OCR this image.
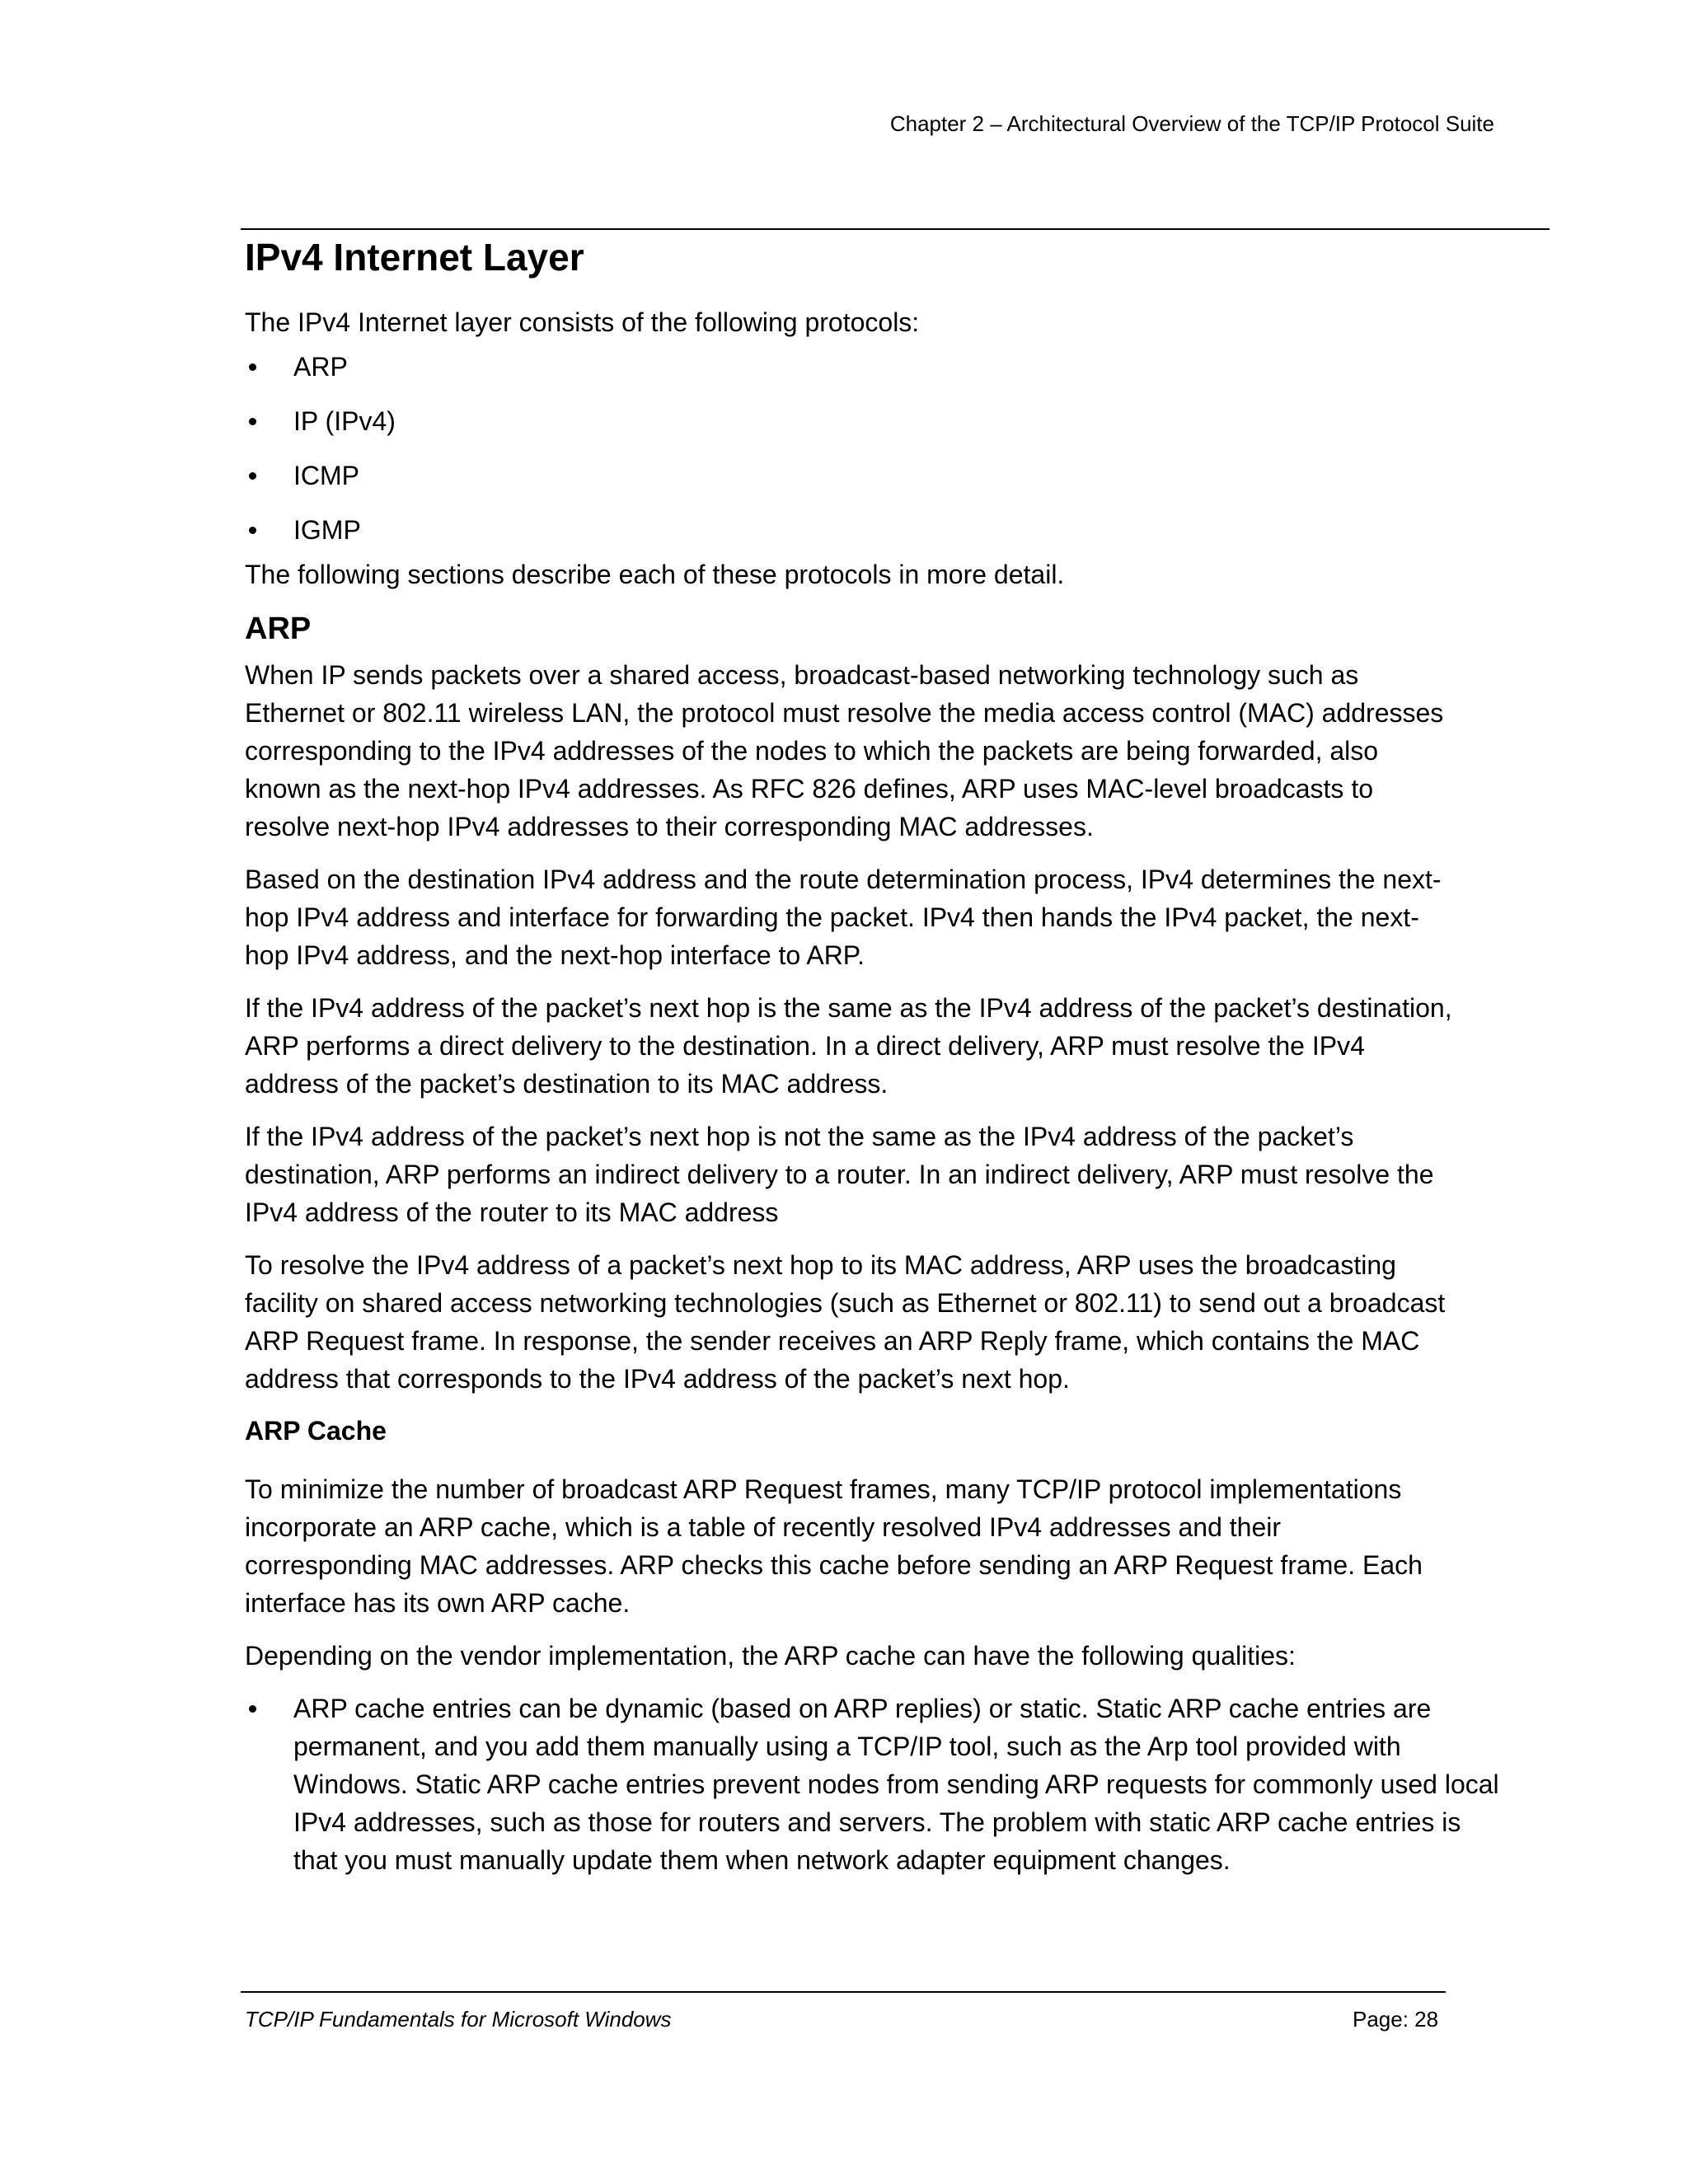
Chapter 2 – Architectural Overview of the TCP/IP Protocol Suite
IPv4 Internet Layer

The IPv4 Internet layer consists of the following protocols:

ARP
IP (IPv4)
ICMP
IGMP

The following sections describe each of these protocols in more detail.

ARP

When IP sends packets over a shared access, broadcast-based networking technology such as
Ethernet or 802.11 wireless LAN, the protocol must resolve the media access control (MAC) addresses
corresponding to the IPv4 addresses of the nodes to which the packets are being forwarded, also
known as the next-hop IPv4 addresses. As RFC 826 defines, ARP uses MAC-level broadcasts to
resolve next-hop IPv4 addresses to their corresponding MAC addresses.

Based on the destination IPv4 address and the route determination process, IPv4 determines the next-
hop IPv4 address and interface for forwarding the packet. IPv4 then hands the IPv4 packet, the next-
hop IPv4 address, and the next-hop interface to ARP.

If the IPv4 address of the packet’s next hop is the same as the IPv4 address of the packet’s destination,
ARP performs a direct delivery to the destination. In a direct delivery, ARP must resolve the IPv4
address of the packet’s destination to its MAC address.

If the IPv4 address of the packet’s next hop is not the same as the IPv4 address of the packet’s
destination, ARP performs an indirect delivery to a router. In an indirect delivery, ARP must resolve the
IPv4 address of the router to its MAC address

To resolve the IPv4 address of a packet’s next hop to its MAC address, ARP uses the broadcasting
facility on shared access networking technologies (such as Ethernet or 802.11) to send out a broadcast
ARP Request frame. In response, the sender receives an ARP Reply frame, which contains the MAC
address that corresponds to the IPv4 address of the packet’s next hop.

ARP Cache

To minimize the number of broadcast ARP Request frames, many TCP/IP protocol implementations
incorporate an ARP cache, which is a table of recently resolved IPv4 addresses and their
corresponding MAC addresses. ARP checks this cache before sending an ARP Request frame. Each
interface has its own ARP cache.

Depending on the vendor implementation, the ARP cache can have the following qualities:

ARP cache entries can be dynamic (based on ARP replies) or static. Static ARP cache entries are
permanent, and you add them manually using a TCP/IP tool, such as the Arp tool provided with
Windows. Static ARP cache entries prevent nodes from sending ARP requests for commonly used local
IPv4 addresses, such as those for routers and servers. The problem with static ARP cache entries is
that you must manually update them when network adapter equipment changes.
TCP/IP Fundamentals for Microsoft Windows	Page: 28
